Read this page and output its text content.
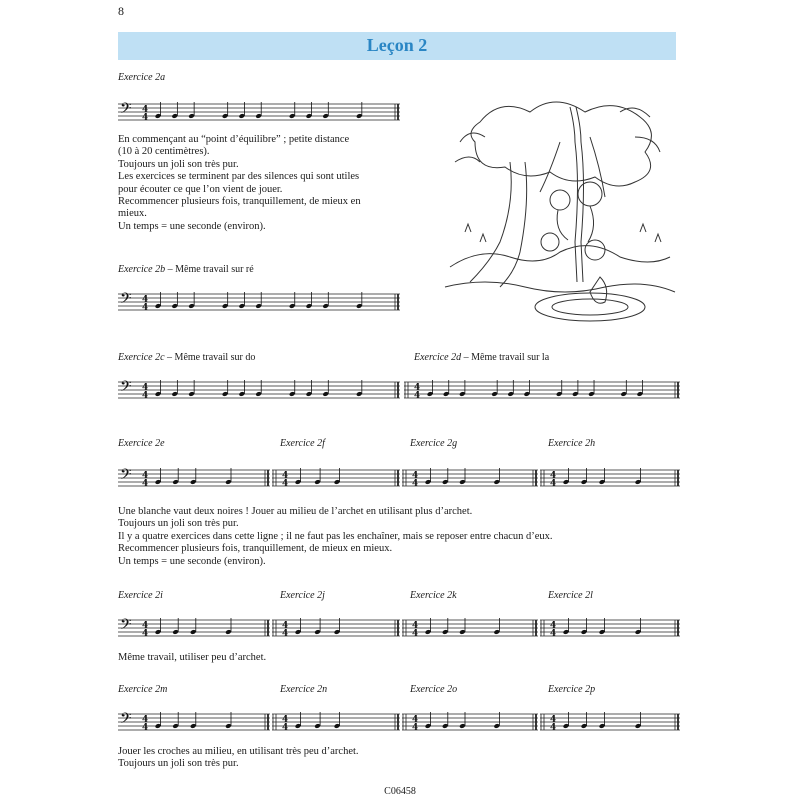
8
Leçon 2
Exercice 2a
𝄢 4
4
En commençant au “point d’équilibre” ; petite distance
(10 à 20 centimètres).
Toujours un joli son très pur.
Les exercices se terminent par des silences qui sont utiles
pour écouter ce que l’on vient de jouer.
Recommencer plusieurs fois, tranquillement, de mieux en
mieux.
Un temps = une seconde (environ).
Exercice 2b – Même travail sur ré
𝄢 4
4
Exercice 2c – Même travail sur do	Exercice 2d – Même travail sur la
𝄢 4
4
4
4
Exercice 2e	Exercice 2f	Exercice 2g	Exercice 2h
𝄢 4
4
4
4
4
4
4
4
Une blanche vaut deux noires ! Jouer au milieu de l’archet en utilisant plus d’archet.
Toujours un joli son très pur.
Il y a quatre exercices dans cette ligne ; il ne faut pas les enchaîner, mais se reposer entre chacun d’eux.
Recommencer plusieurs fois, tranquillement, de mieux en mieux.
Un temps = une seconde (environ).
Exercice 2i	Exercice 2j	Exercice 2k	Exercice 2l
𝄢 4
4
4
4
4
4
4
4
Même travail, utiliser peu d’archet.
Exercice 2m	Exercice 2n	Exercice 2o	Exercice 2p
𝄢 4
4
4
4
4
4
4
4
Jouer les croches au milieu, en utilisant très peu d’archet.
Toujours un joli son très pur.
C06458
